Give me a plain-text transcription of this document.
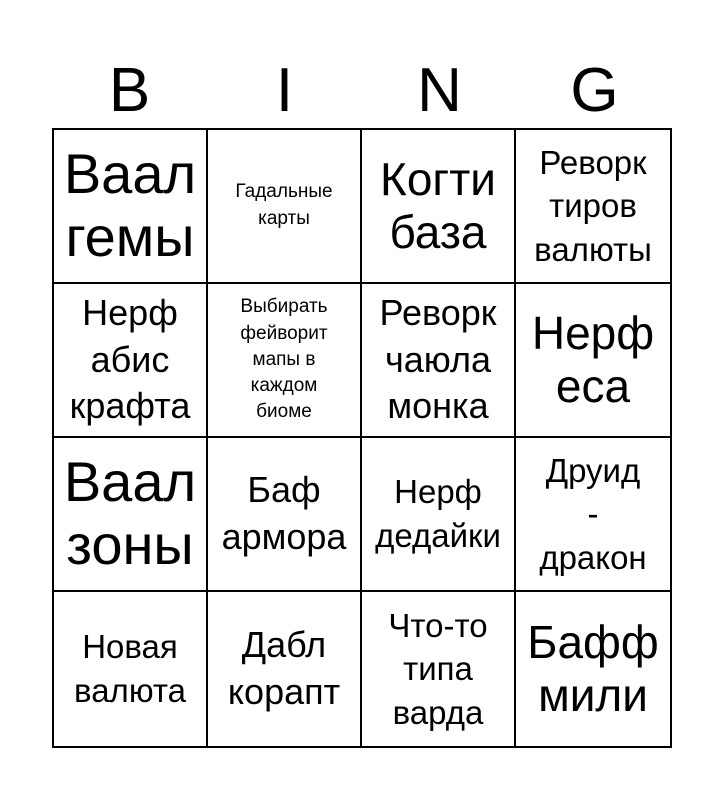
B	I	N	G
Ваал
гемы
Гадальные
карты
Когти
база
Реворк
тиров
валюты
Нерф
абис
крафта
Выбирать
фейворит
мапы в
каждом
биоме
Реворк
чаюла
монка
Нерф
еса
Ваал
зоны
Баф
армора
Нерф
дедайки
Друид
-
дракон
Новая
валюта
Дабл
корапт
Что-то
типа
варда
Бафф
мили
